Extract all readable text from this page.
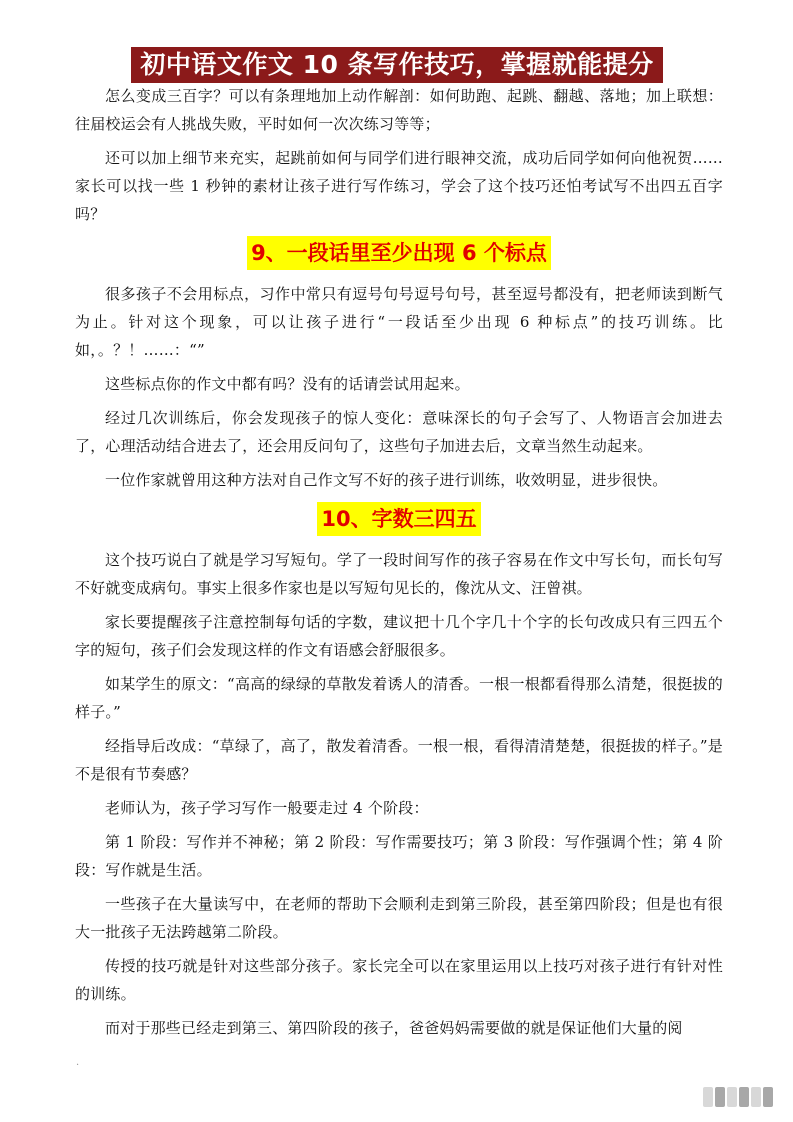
初中语文作文 10 条写作技巧，掌握就能提分

怎么变成三百字？可以有条理地加上动作解剖：如何助跑、起跳、翻越、落地；加上联想：往届校运会有人挑战失败，平时如何一次次练习等等；

还可以加上细节来充实，起跳前如何与同学们进行眼神交流，成功后同学如何向他祝贺……家长可以找一些 1 秒钟的素材让孩子进行写作练习，学会了这个技巧还怕考试写不出四五百字吗？

9、一段话里至少出现 6 个标点

很多孩子不会用标点，习作中常只有逗号句号逗号句号，甚至逗号都没有，把老师读到断气为止。针对这个现象，可以让孩子进行“一段话至少出现 6 种标点”的技巧训练。比如，。？！……：“”

这些标点你的作文中都有吗？没有的话请尝试用起来。

经过几次训练后，你会发现孩子的惊人变化：意味深长的句子会写了、人物语言会加进去了，心理活动结合进去了，还会用反问句了，这些句子加进去后，文章当然生动起来。

一位作家就曾用这种方法对自己作文写不好的孩子进行训练，收效明显，进步很快。

10、字数三四五

这个技巧说白了就是学习写短句。学了一段时间写作的孩子容易在作文中写长句，而长句写不好就变成病句。事实上很多作家也是以写短句见长的，像沈从文、汪曾祺。

家长要提醒孩子注意控制每句话的字数，建议把十几个字几十个字的长句改成只有三四五个字的短句，孩子们会发现这样的作文有语感会舒服很多。

如某学生的原文：“高高的绿绿的草散发着诱人的清香。一根一根都看得那么清楚，很挺拔的样子。”

经指导后改成：“草绿了，高了，散发着清香。一根一根，看得清清楚楚，很挺拔的样子。”是不是很有节奏感？

老师认为，孩子学习写作一般要走过 4 个阶段：

第 1 阶段：写作并不神秘；第 2 阶段：写作需要技巧；第 3 阶段：写作强调个性；第 4 阶段：写作就是生活。

一些孩子在大量读写中，在老师的帮助下会顺利走到第三阶段，甚至第四阶段；但是也有很大一批孩子无法跨越第二阶段。

传授的技巧就是针对这些部分孩子。家长完全可以在家里运用以上技巧对孩子进行有针对性的训练。

而对于那些已经走到第三、第四阶段的孩子，爸爸妈妈需要做的就是保证他们大量的阅

·
